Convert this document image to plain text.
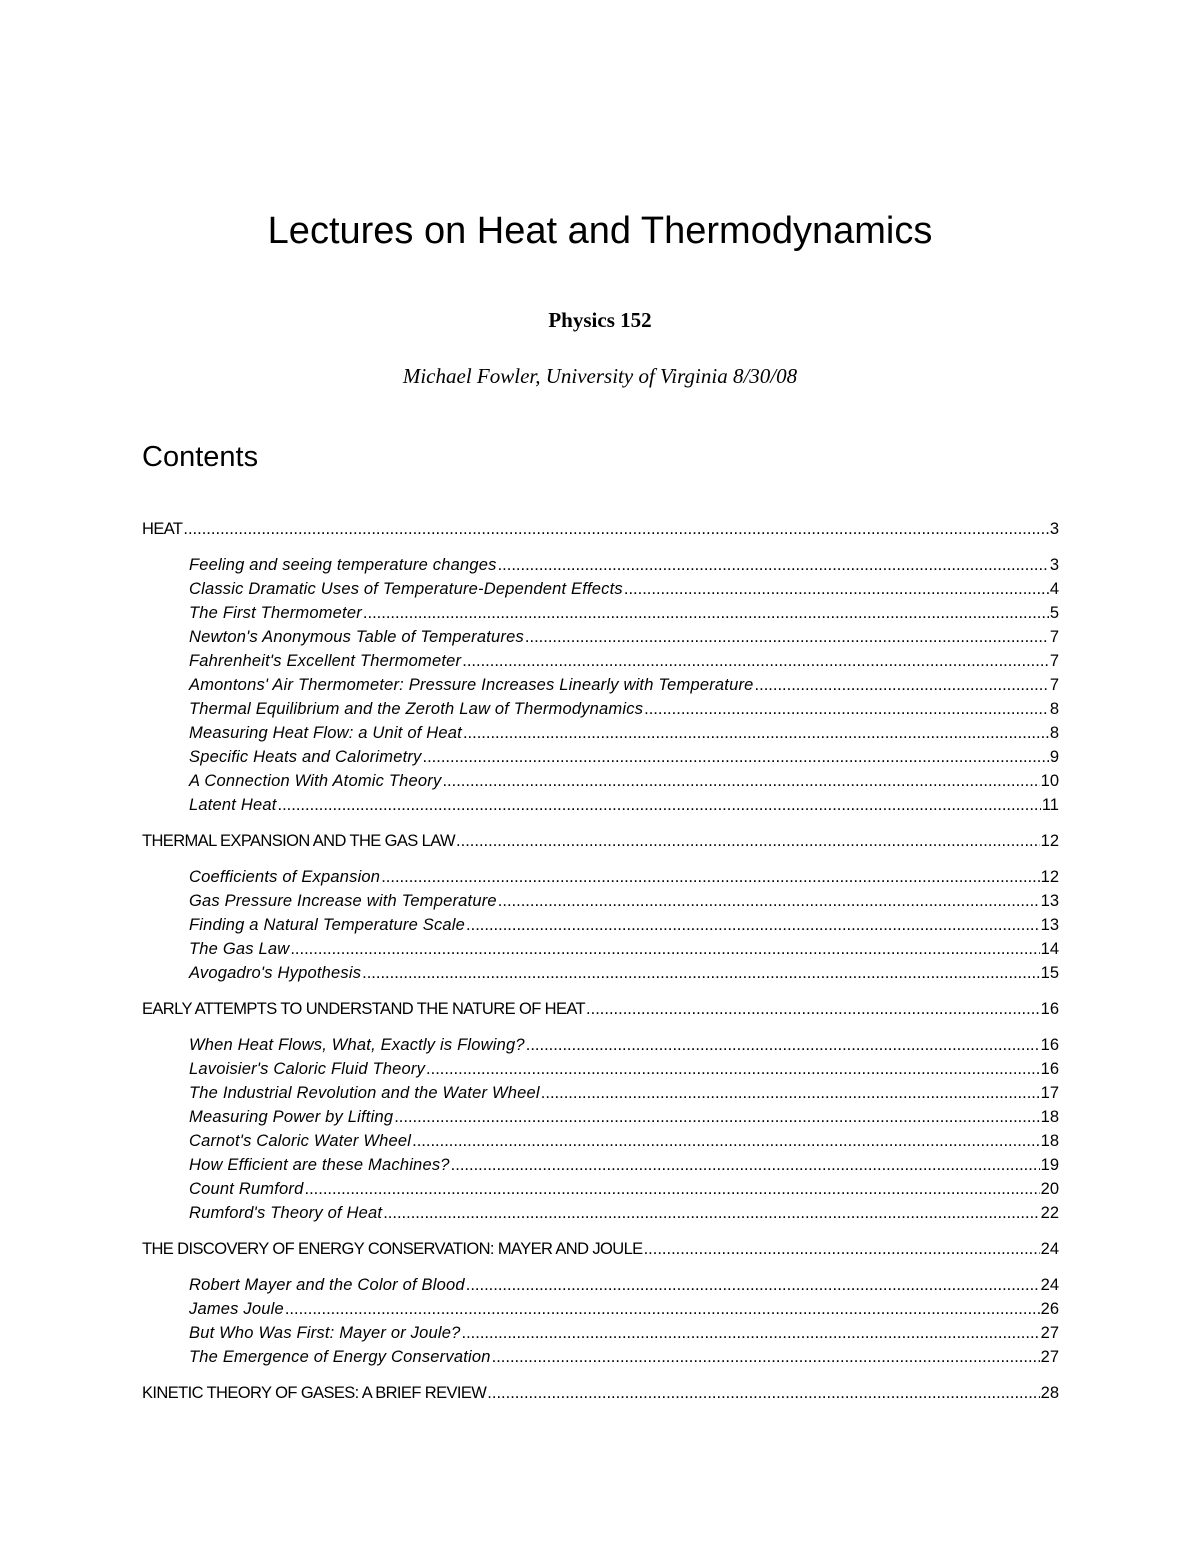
Lectures on Heat and Thermodynamics
Physics 152
Michael Fowler, University of Virginia 8/30/08
Contents
HEAT .....	3
Feeling and seeing temperature changes .....	3
Classic Dramatic Uses of Temperature-Dependent Effects .....	4
The First Thermometer .....	5
Newton's Anonymous Table of Temperatures .....	7
Fahrenheit's Excellent Thermometer .....	7
Amontons' Air Thermometer: Pressure Increases Linearly with Temperature .....	7
Thermal Equilibrium and the Zeroth Law of Thermodynamics .....	8
Measuring Heat Flow: a Unit of Heat .....	8
Specific Heats and Calorimetry .....	9
A Connection With Atomic Theory .....	10
Latent Heat .....	11
THERMAL EXPANSION AND THE GAS LAW .....	12
Coefficients of Expansion .....	12
Gas Pressure Increase with Temperature .....	13
Finding a Natural Temperature Scale .....	13
The Gas Law .....	14
Avogadro's Hypothesis .....	15
EARLY ATTEMPTS TO UNDERSTAND THE NATURE OF HEAT .....	16
When Heat Flows, What, Exactly is Flowing? .....	16
Lavoisier's Caloric Fluid Theory .....	16
The Industrial Revolution and the Water Wheel .....	17
Measuring Power by Lifting .....	18
Carnot's Caloric Water Wheel .....	18
How Efficient are these Machines? .....	19
Count Rumford .....	20
Rumford's Theory of Heat .....	22
THE DISCOVERY OF ENERGY CONSERVATION: MAYER AND JOULE .....	24
Robert Mayer and the Color of Blood .....	24
James Joule .....	26
But Who Was First: Mayer or Joule? .....	27
The Emergence of Energy Conservation .....	27
KINETIC THEORY OF GASES: A BRIEF REVIEW .....	28
